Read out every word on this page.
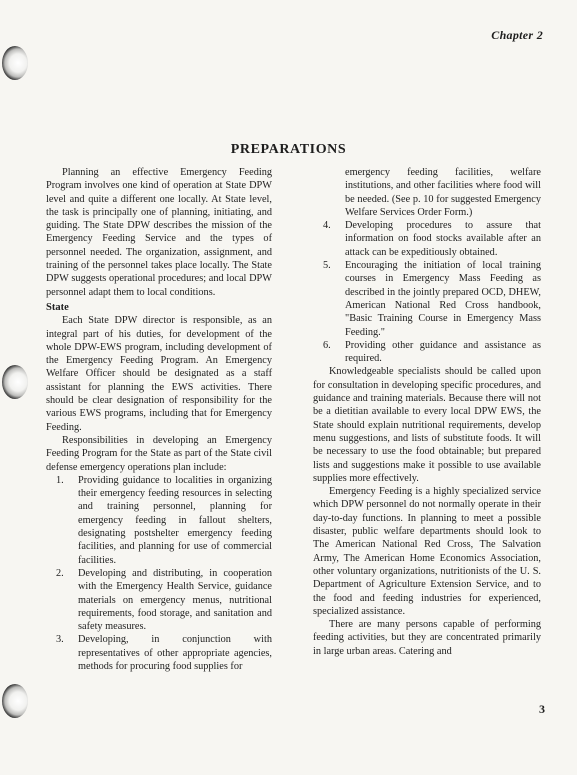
Chapter 2
PREPARATIONS

Planning an effective Emergency Feeding Program involves one kind of operation at State DPW level and quite a different one locally. At State level, the task is principally one of planning, initiating, and guiding. The State DPW describes the mission of the Emergency Feeding Service and the types of personnel needed. The organization, assignment, and training of the personnel takes place locally. The State DPW suggests operational procedures; and local DPW personnel adapt them to local conditions.

State

Each State DPW director is responsible, as an integral part of his duties, for development of the whole DPW-EWS program, including development of the Emergency Feeding Program. An Emergency Welfare Officer should be designated as a staff assistant for planning the EWS activities. There should be clear designation of responsibility for the various EWS programs, including that for Emergency Feeding.

Responsibilities in developing an Emergency Feeding Program for the State as part of the State civil defense emergency operations plan include:

1.	Providing guidance to localities in organizing their emergency feeding resources in selecting and training personnel, planning for emergency feeding in fallout shelters, designating postshelter emergency feeding facilities, and planning for use of commercial facilities.
2.	Developing and distributing, in cooperation with the Emergency Health Service, guidance materials on emergency menus, nutritional requirements, food storage, and sanitation and safety measures.
3.	Developing, in conjunction with representatives of other appropriate agencies, methods for procuring food supplies for

emergency feeding facilities, welfare institutions, and other facilities where food will be needed. (See p. 10 for suggested Emergency Welfare Services Order Form.)

4.	Developing procedures to assure that information on food stocks available after an attack can be expeditiously obtained.
5.	Encouraging the initiation of local training courses in Emergency Mass Feeding as described in the jointly prepared OCD, DHEW, American National Red Cross handbook, "Basic Training Course in Emergency Mass Feeding."
6.	Providing other guidance and assistance as required.

Knowledgeable specialists should be called upon for consultation in developing specific procedures, and guidance and training materials. Because there will not be a dietitian available to every local DPW EWS, the State should explain nutritional requirements, develop menu suggestions, and lists of substitute foods. It will be necessary to use the food obtainable; but prepared lists and suggestions make it possible to use available supplies more effectively.

Emergency Feeding is a highly specialized service which DPW personnel do not normally operate in their day-to-day functions. In planning to meet a possible disaster, public welfare departments should look to The American National Red Cross, The Salvation Army, The American Home Economics Association, other voluntary organizations, nutritionists of the U. S. Department of Agriculture Extension Service, and to the food and feeding industries for experienced, specialized assistance.

There are many persons capable of performing feeding activities, but they are concentrated primarily in large urban areas. Catering and

3
